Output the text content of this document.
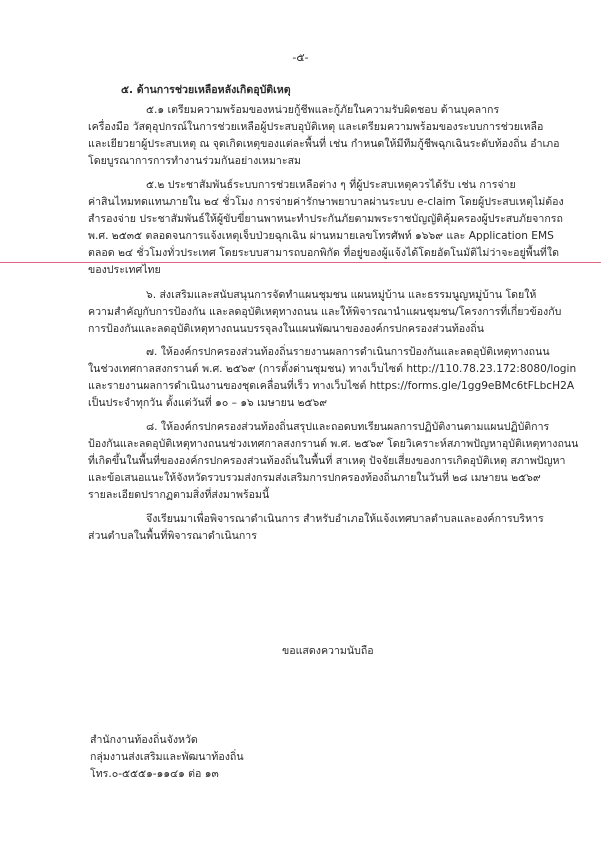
-๕-
๕. ด้านการช่วยเหลือหลังเกิดอุบัติเหตุ
๕.๑ เตรียมความพร้อมของหน่วยกู้ชีพและกู้ภัยในความรับผิดชอบ ด้านบุคลากร
เครื่องมือ วัสดุอุปกรณ์ในการช่วยเหลือผู้ประสบอุบัติเหตุ และเตรียมความพร้อมของระบบการช่วยเหลือ
และเยียวยาผู้ประสบเหตุ ณ จุดเกิดเหตุของแต่ละพื้นที่ เช่น กำหนดให้มีทีมกู้ชีพฉุกเฉินระดับท้องถิ่น อำเภอ
โดยบูรณาการการทำงานร่วมกันอย่างเหมาะสม
๕.๒ ประชาสัมพันธ์ระบบการช่วยเหลือต่าง ๆ ที่ผู้ประสบเหตุควรได้รับ เช่น การจ่าย
ค่าสินไหมทดแทนภายใน ๒๔ ชั่วโมง การจ่ายค่ารักษาพยาบาลผ่านระบบ e-claim โดยผู้ประสบเหตุไม่ต้อง
สำรองจ่าย ประชาสัมพันธ์ให้ผู้ขับขี่ยานพาหนะทำประกันภัยตามพระราชบัญญัติคุ้มครองผู้ประสบภัยจากรถ
พ.ศ. ๒๕๓๕ ตลอดจนการแจ้งเหตุเจ็บป่วยฉุกเฉิน ผ่านหมายเลขโทรศัพท์ ๑๖๖๙ และ Application EMS
ตลอด ๒๔ ชั่วโมงทั่วประเทศ โดยระบบสามารถบอกพิกัด ที่อยู่ของผู้แจ้งได้โดยอัตโนมัติไม่ว่าจะอยู่พื้นที่ใด
ของประเทศไทย
๖. ส่งเสริมและสนับสนุนการจัดทำแผนชุมชน แผนหมู่บ้าน และธรรมนูญหมู่บ้าน โดยให้
ความสำคัญกับการป้องกัน และลดอุบัติเหตุทางถนน และให้พิจารณานำแผนชุมชน/โครงการที่เกี่ยวข้องกับ
การป้องกันและลดอุบัติเหตุทางถนนบรรจุลงในแผนพัฒนาขององค์กรปกครองส่วนท้องถิ่น
๗. ให้องค์กรปกครองส่วนท้องถิ่นรายงานผลการดำเนินการป้องกันและลดอุบัติเหตุทางถนน
ในช่วงเทศกาลสงกรานต์ พ.ศ. ๒๕๖๙ (การตั้งด่านชุมชน) ทางเว็บไซต์ http://110.78.23.172:8080/login
และรายงานผลการดำเนินงานของชุดเคลื่อนที่เร็ว ทางเว็บไซต์ https://forms.gle/1gg9eBMc6tFLbcH2A
เป็นประจำทุกวัน ตั้งแต่วันที่ ๑๐ – ๑๖ เมษายน ๒๕๖๙
๘. ให้องค์กรปกครองส่วนท้องถิ่นสรุปและถอดบทเรียนผลการปฏิบัติงานตามแผนปฏิบัติการ
ป้องกันและลดอุบัติเหตุทางถนนช่วงเทศกาลสงกรานต์ พ.ศ. ๒๕๖๙ โดยวิเคราะห์สภาพปัญหาอุบัติเหตุทางถนน
ที่เกิดขึ้นในพื้นที่ขององค์กรปกครองส่วนท้องถิ่นในพื้นที่ สาเหตุ ปัจจัยเสี่ยงของการเกิดอุบัติเหตุ สภาพปัญหา
และข้อเสนอแนะให้จังหวัดรวบรวมส่งกรมส่งเสริมการปกครองท้องถิ่นภายในวันที่ ๒๘ เมษายน ๒๕๖๙
รายละเอียดปรากฏตามสิ่งที่ส่งมาพร้อมนี้
จึงเรียนมาเพื่อพิจารณาดำเนินการ สำหรับอำเภอให้แจ้งเทศบาลตำบลและองค์การบริหาร
ส่วนตำบลในพื้นที่พิจารณาดำเนินการ
ขอแสดงความนับถือ
สำนักงานท้องถิ่นจังหวัด
กลุ่มงานส่งเสริมและพัฒนาท้องถิ่น
โทร.๐-๕๕๕๑-๑๑๔๑ ต่อ ๑๓
